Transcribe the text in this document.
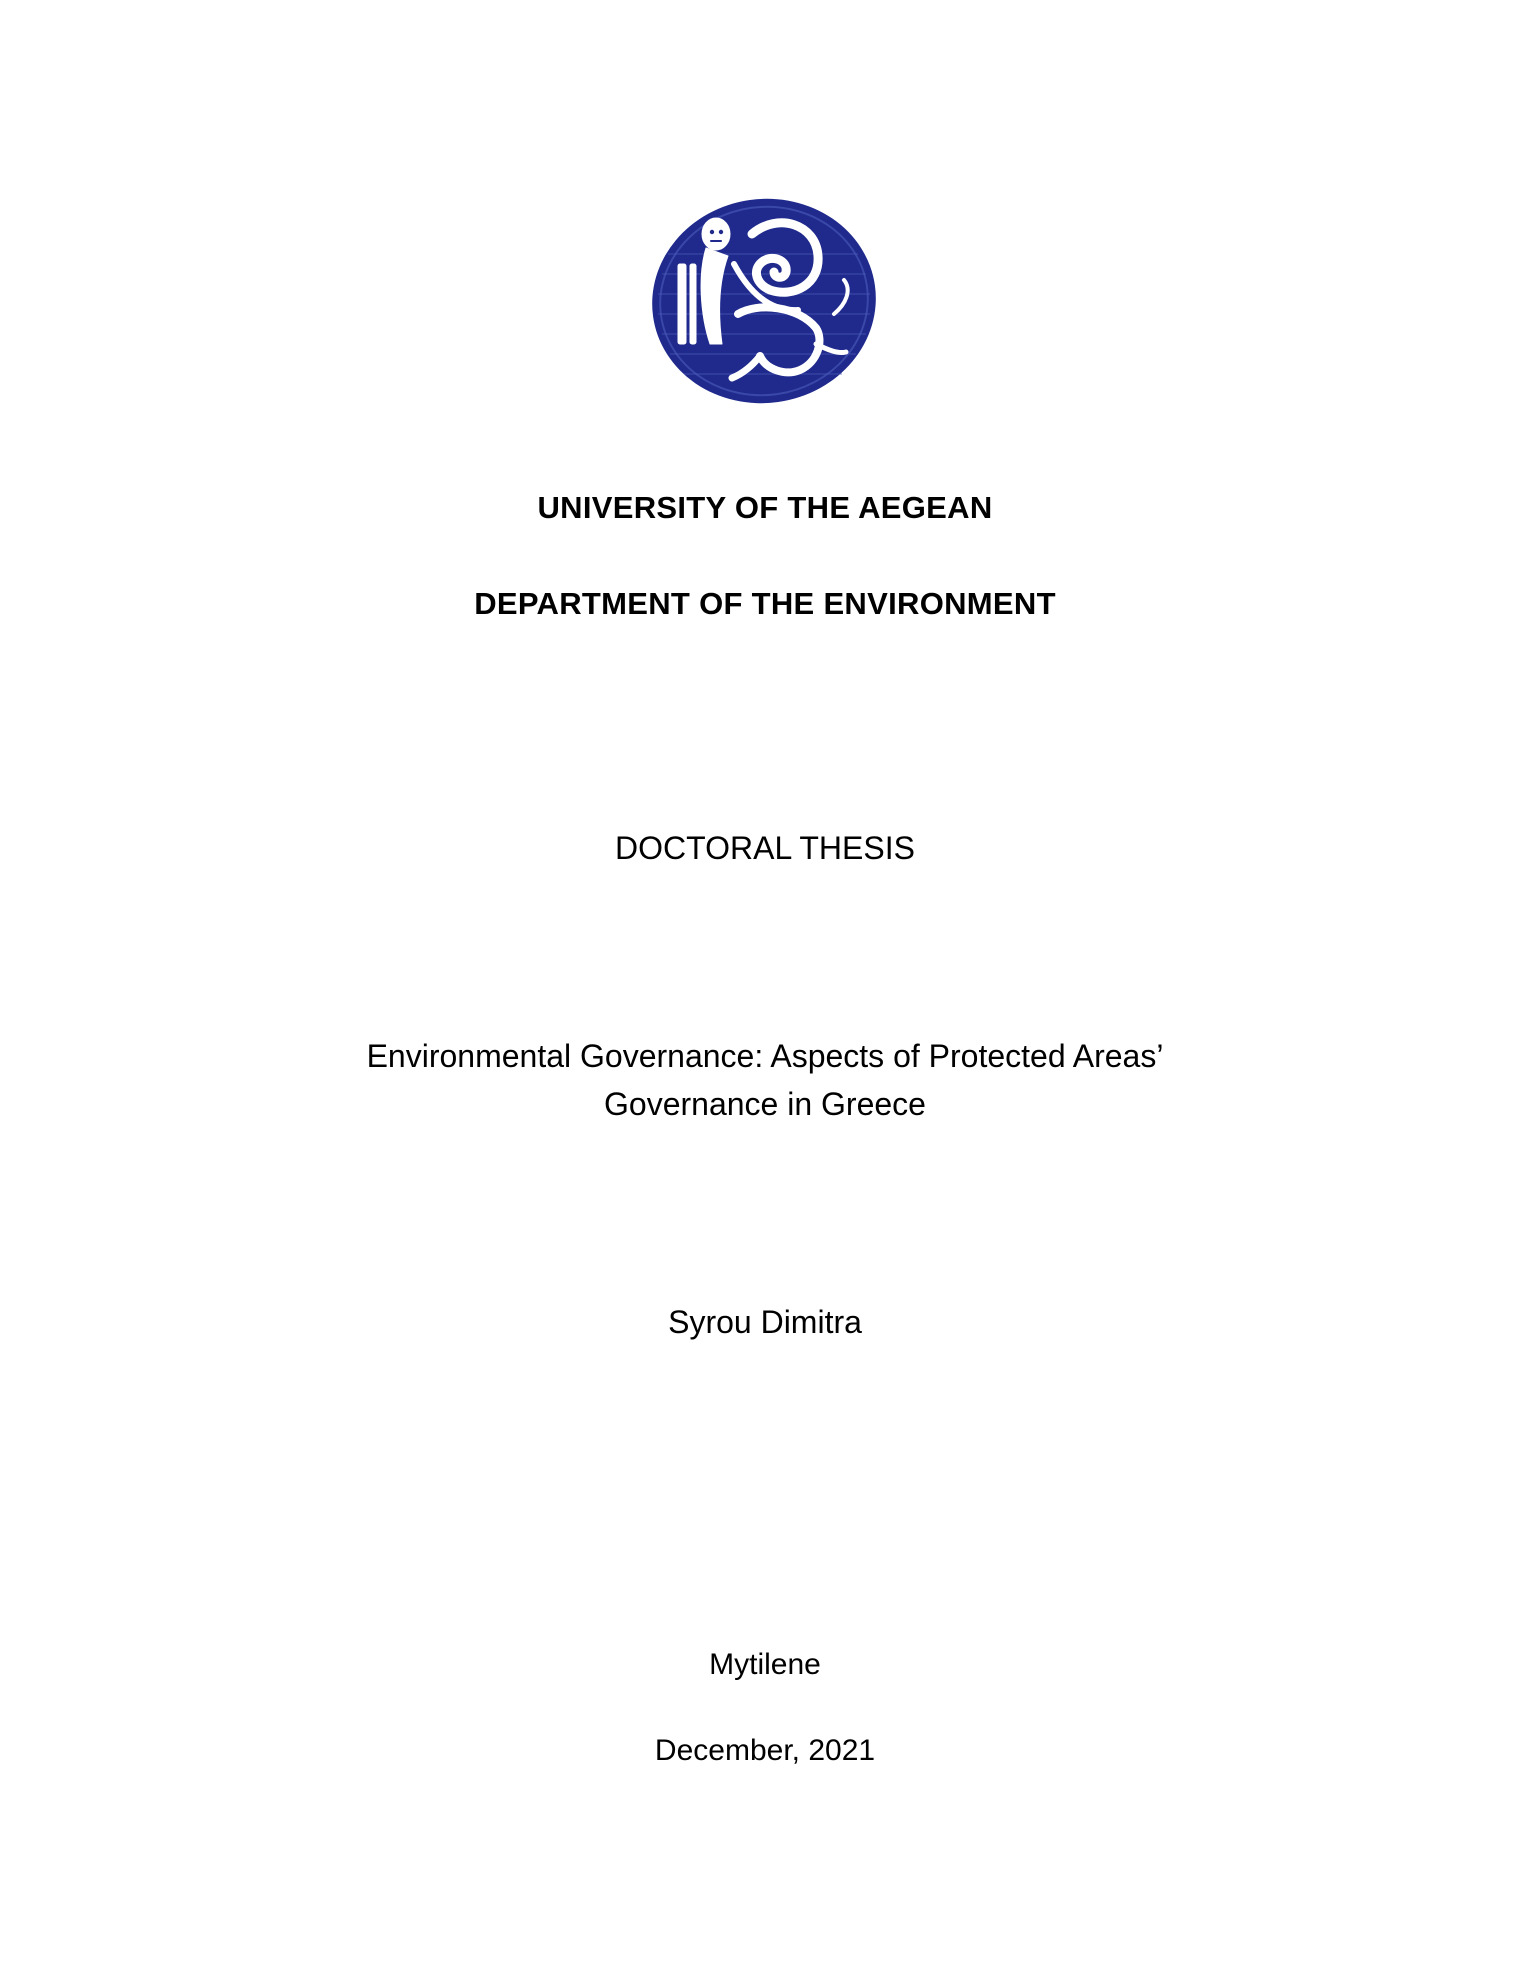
UNIVERSITY OF THE AEGEAN
DEPARTMENT OF THE ENVIRONMENT
DOCTORAL THESIS
Environmental Governance: Aspects of Protected Areas’
Governance in Greece
Syrou Dimitra
Mytilene
December, 2021
